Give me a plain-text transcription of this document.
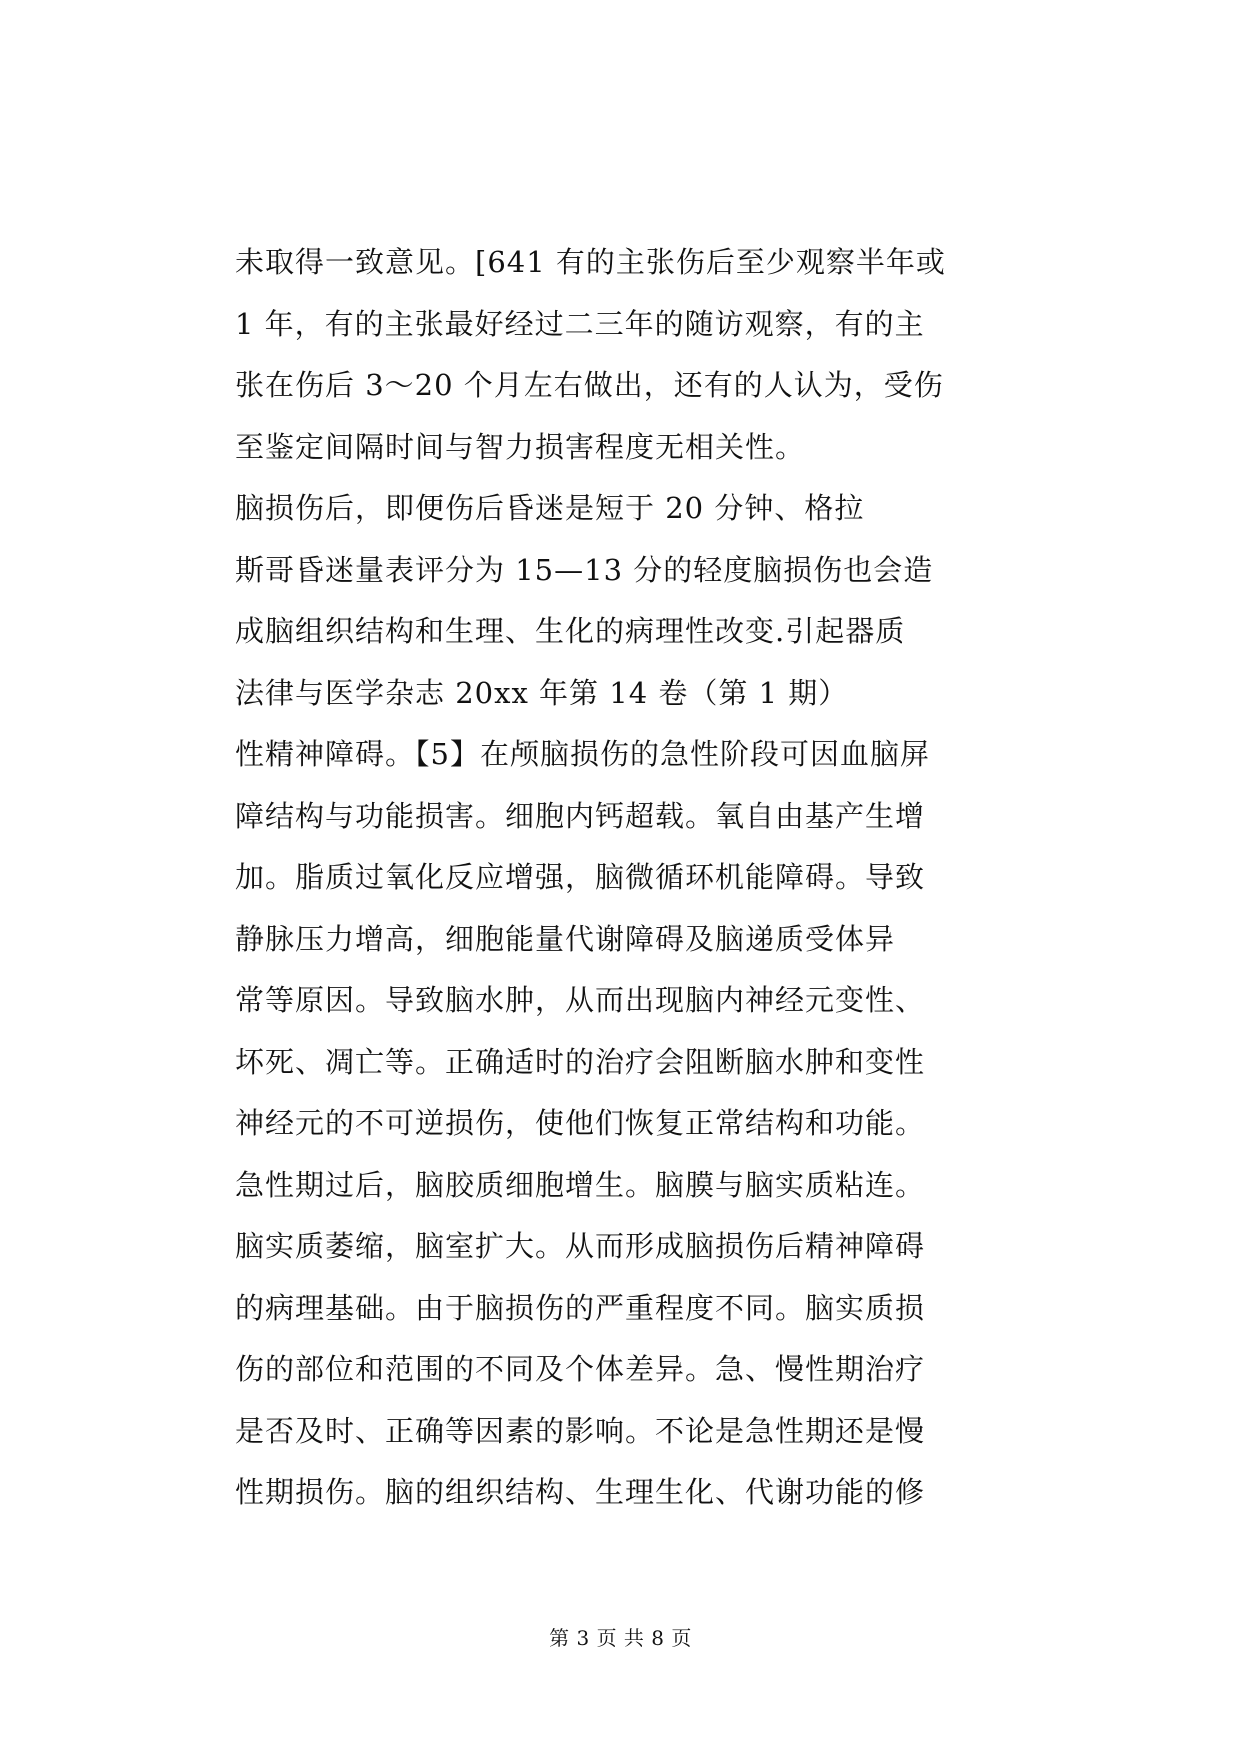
未取得一致意见。[641 有的主张伤后至少观察半年或
1 年，有的主张最好经过二三年的随访观察，有的主
张在伤后 3～20 个月左右做出，还有的人认为，受伤
至鉴定间隔时间与智力损害程度无相关性。
脑损伤后，即便伤后昏迷是短于 20 分钟、格拉
斯哥昏迷量表评分为 15—13 分的轻度脑损伤也会造
成脑组织结构和生理、生化的病理性改变.引起器质
法律与医学杂志 20xx 年第 14 卷（第 1 期）
性精神障碍。【5】在颅脑损伤的急性阶段可因血脑屏
障结构与功能损害。细胞内钙超载。氧自由基产生增
加。脂质过氧化反应增强，脑微循环机能障碍。导致
静脉压力增高，细胞能量代谢障碍及脑递质受体异
常等原因。导致脑水肿，从而出现脑内神经元变性、
坏死、凋亡等。正确适时的治疗会阻断脑水肿和变性
神经元的不可逆损伤，使他们恢复正常结构和功能。
急性期过后，脑胶质细胞增生。脑膜与脑实质粘连。
脑实质萎缩，脑室扩大。从而形成脑损伤后精神障碍
的病理基础。由于脑损伤的严重程度不同。脑实质损
伤的部位和范围的不同及个体差异。急、慢性期治疗
是否及时、正确等因素的影响。不论是急性期还是慢
性期损伤。脑的组织结构、生理生化、代谢功能的修
第 3 页 共 8 页
